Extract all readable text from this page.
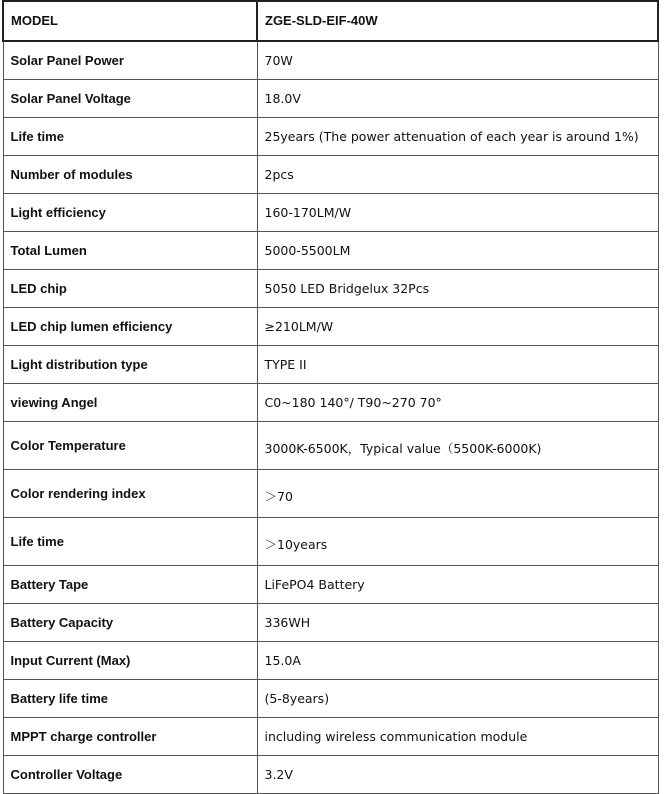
MODEL	ZGE-SLD-EIF-40W
Solar Panel Power	70W
Solar Panel Voltage	18.0V
Life time	25years (The power attenuation of each year is around 1%)
Number of modules	2pcs
Light efficiency	160-170LM/W
Total Lumen	5000-5500LM
LED chip	5050 LED Bridgelux 32Pcs
LED chip lumen efficiency	≥210LM/W
Light distribution type	TYPE II
viewing Angel	C0~180 140°/ T90~270 70°
Color Temperature	3000K-6500K，Typical value（5500K-6000K)
Color rendering index	＞70
Life time	＞10years
Battery Tape	LiFePO4 Battery
Battery Capacity	336WH
Input Current (Max)	15.0A
Battery life time	(5-8years)
MPPT charge controller	including wireless communication module
Controller Voltage	3.2V
